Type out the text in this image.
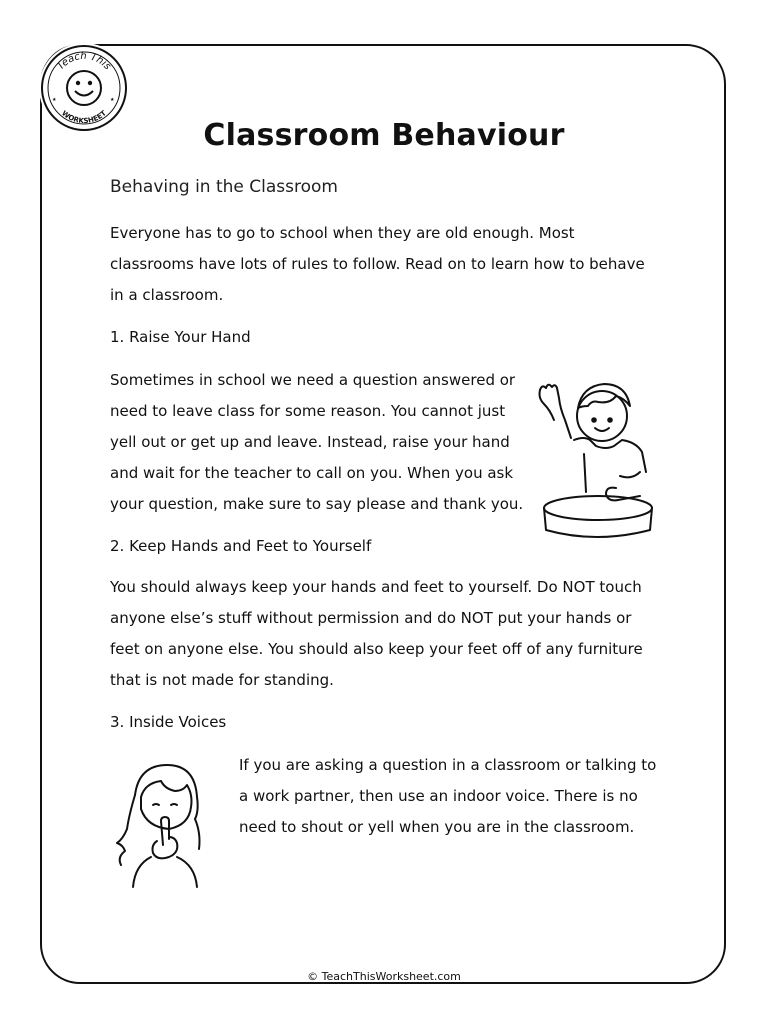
Teach This
WORKSHEET
★	★
Classroom Behaviour
Behaving in the Classroom

Everyone has to go to school when they are old enough. Most

classrooms have lots of rules to follow. Read on to learn how to behave

in a classroom.

1. Raise Your Hand

Sometimes in school we need a question answered or

need to leave class for some reason. You cannot just

yell out or get up and leave. Instead, raise your hand

and wait for the teacher to call on you. When you ask

your question, make sure to say please and thank you.

2. Keep Hands and Feet to Yourself

You should always keep your hands and feet to yourself. Do NOT touch

anyone else’s stuff without permission and do NOT put your hands or

feet on anyone else. You should also keep your feet off of any furniture

that is not made for standing.

3. Inside Voices

If you are asking a question in a classroom or talking to

a work partner, then use an indoor voice. There is no

need to shout or yell when you are in the classroom.

© TeachThisWorksheet.com
